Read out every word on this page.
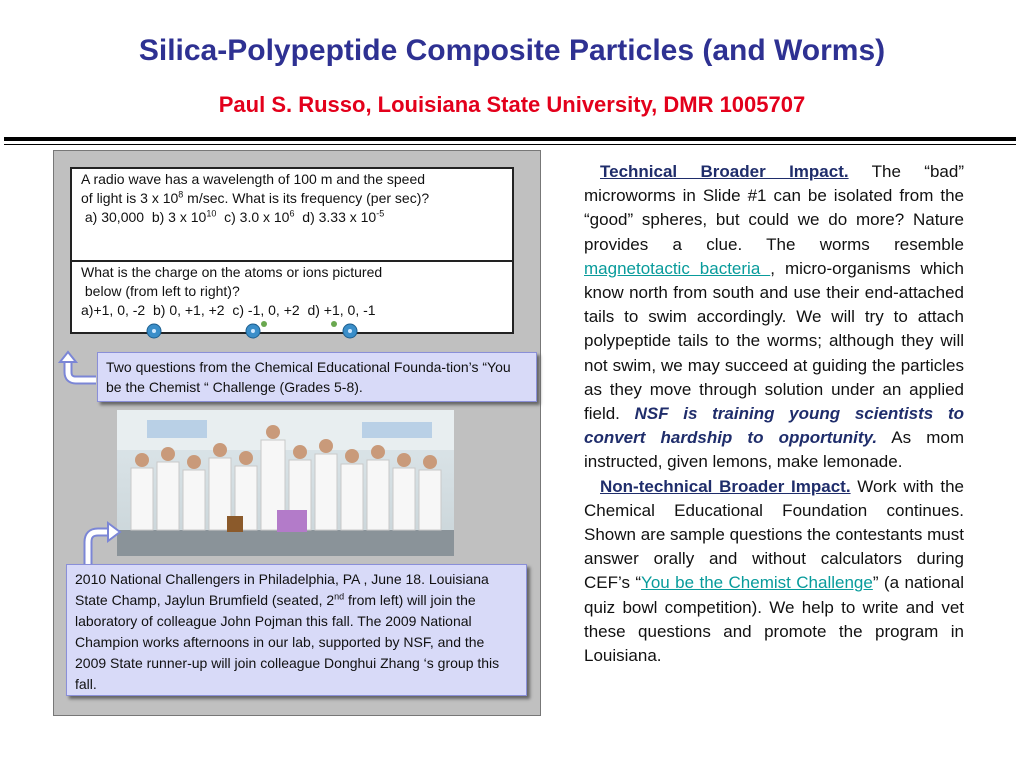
Silica-Polypeptide Composite Particles (and Worms)
Paul S. Russo, Louisiana State University, DMR 1005707
A radio wave has a wavelength of 100 m and the speed
of light is 3 x $10^8$ m/sec. What is its frequency (per sec)?
a) 30,000  b) 3 x $10^{10}$  c) 3.0 x $10^6$  d) 3.33 x $10^{-5}$
What is the charge on the atoms or ions pictured
below (from left to right)?
a)+1, 0, -2  b) 0, +1, +2  c) -1, 0, +2  d) +1, 0, -1
Two questions from the Chemical Educational Founda-tion’s “You be the Chemist “ Challenge (Grades 5-8).
2010 National Challengers in Philadelphia, PA , June 18. Louisiana State Champ, Jaylun Brumfield (seated, 2nd from left) will join the laboratory of colleague John Pojman this fall. The 2009 National Champion works afternoons in our lab, supported by NSF, and the 2009 State runner-up will join colleague Donghui Zhang ‘s group this fall.

Technical Broader Impact. The “bad” microworms in Slide #1 can be isolated from the “good” spheres, but could we do more? Nature provides a clue. The worms resemble magnetotactic bacteria , micro-organisms which know north from south and use their end-attached tails to swim accordingly. We will try to attach polypeptide tails to the worms; although they will not swim, we may succeed at guiding the particles as they move through solution under an applied field. NSF is training young scientists to convert hardship to opportunity. As mom instructed, given lemons, make lemonade.

Non-technical Broader Impact. Work with the Chemical Educational Foundation continues. Shown are sample questions the contestants must answer orally and without calculators during CEF’s “You be the Chemist Challenge” (a national quiz bowl competition). We help to write and vet these questions and promote the program in Louisiana.
